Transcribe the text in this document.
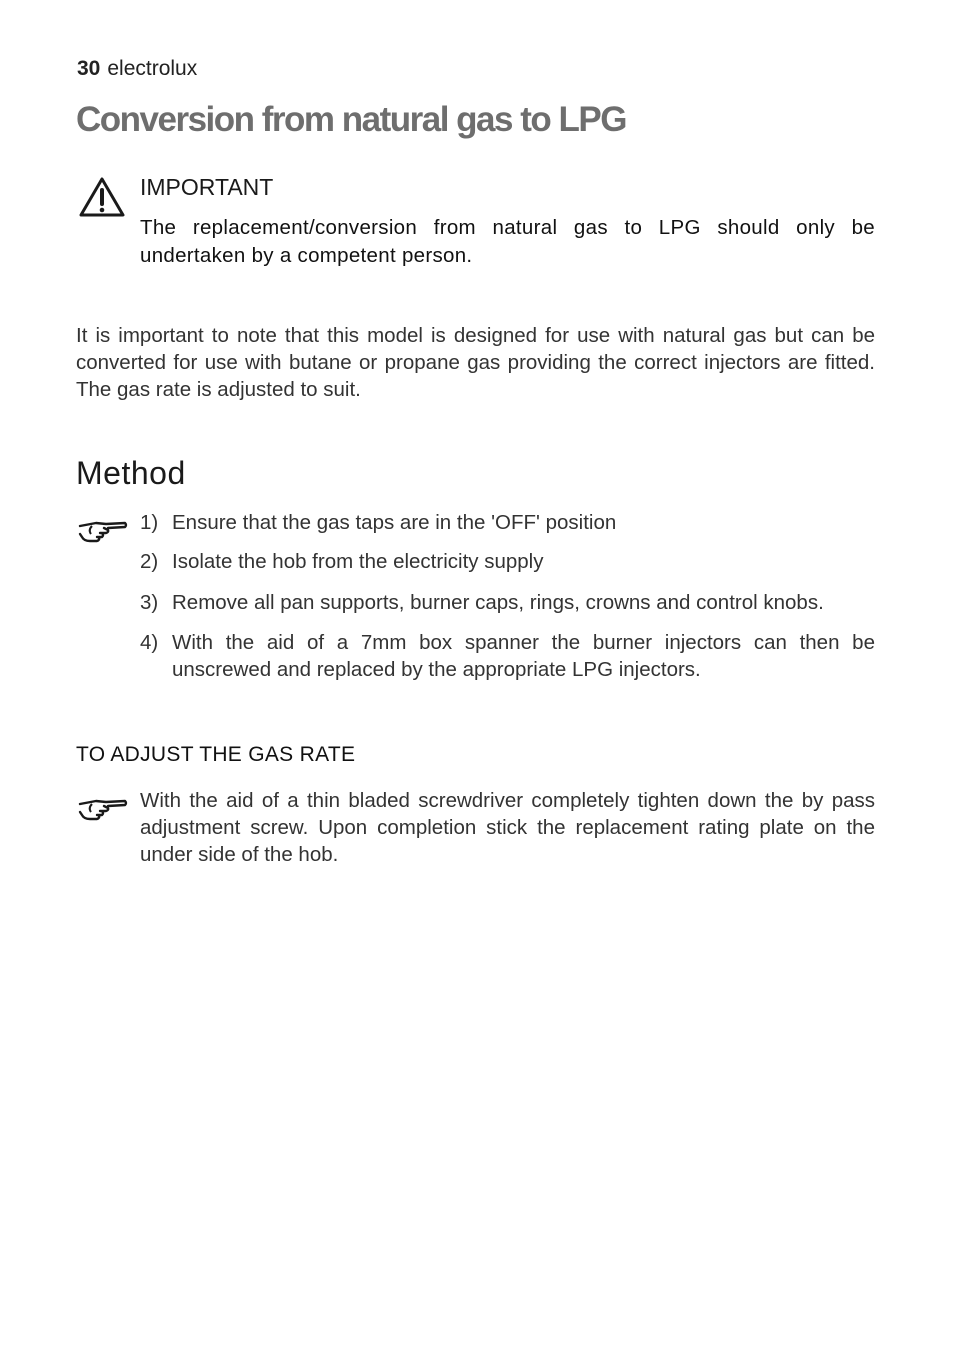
30 electrolux
Conversion from natural gas to LPG
IMPORTANT

The replacement/conversion from natural gas to LPG should only be undertaken by a competent person.

It is important to note that this model is designed for use with natural gas but can be converted for use with butane or propane gas providing the correct injectors are fitted. The gas rate is adjusted to suit.

Method
1) Ensure that the gas taps are in the 'OFF' position
2) Isolate the hob from the electricity supply
3) Remove all pan supports, burner caps, rings, crowns and control knobs.
4) With the aid of a 7mm box spanner the burner injectors can then be unscrewed and replaced by the appropriate LPG injectors.
TO ADJUST THE GAS RATE

With the aid of a thin bladed screwdriver completely tighten down the by pass adjustment screw. Upon completion stick the replacement rating plate on the under side of the hob.
